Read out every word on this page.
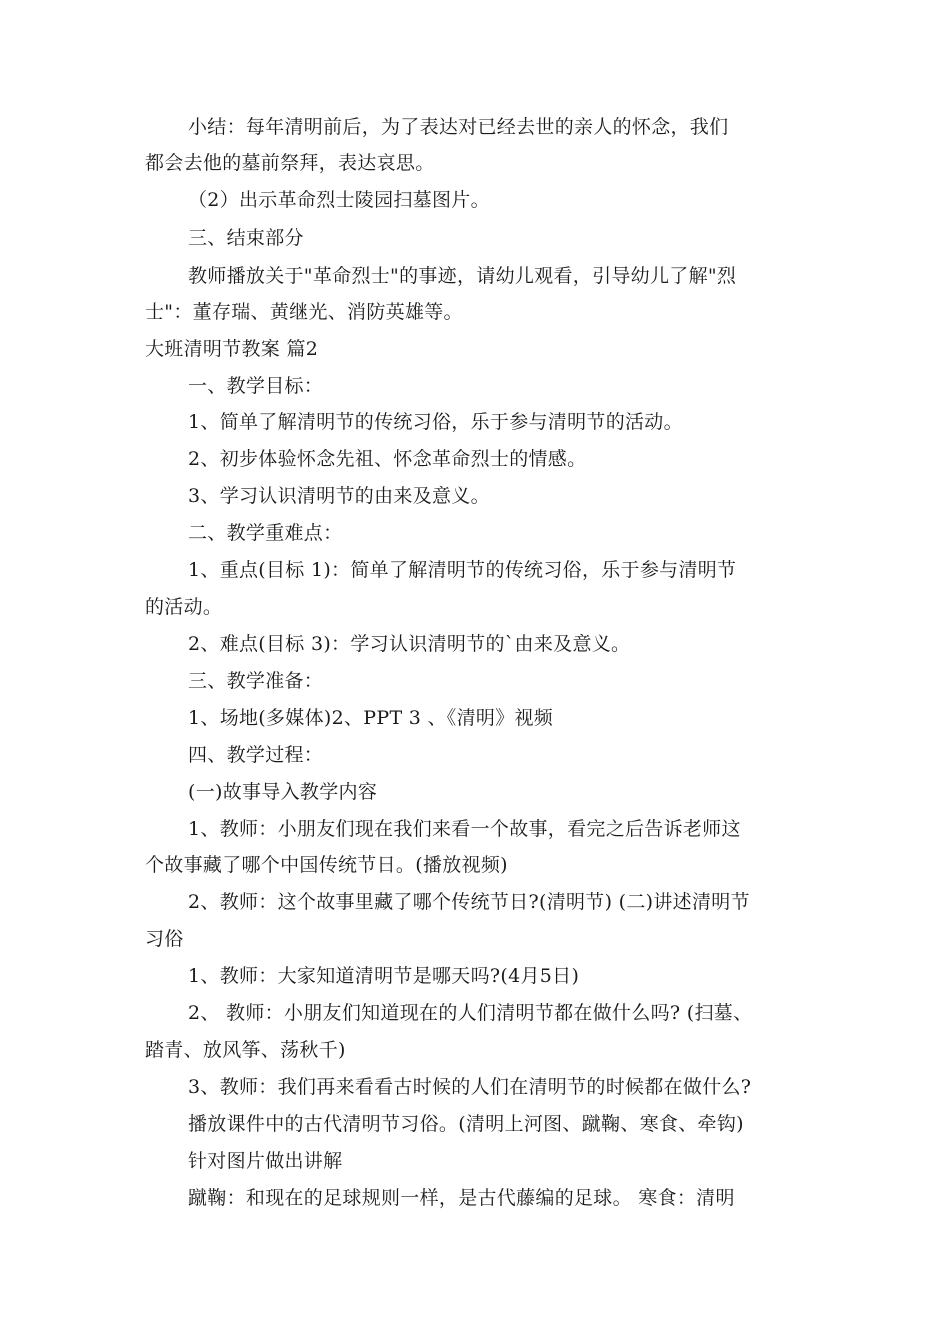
小结：每年清明前后，为了表达对已经去世的亲人的怀念，我们
都会去他的墓前祭拜，表达哀思。
（2）出示革命烈士陵园扫墓图片。
三、结束部分
教师播放关于"革命烈士"的事迹，请幼儿观看，引导幼儿了解"烈
士"：董存瑞、黄继光、消防英雄等。
大班清明节教案 篇2
一、教学目标：
1、简单了解清明节的传统习俗，乐于参与清明节的活动。
2、初步体验怀念先祖、怀念革命烈士的情感。
3、学习认识清明节的由来及意义。
二、教学重难点：
1、重点(目标 1)：简单了解清明节的传统习俗，乐于参与清明节
的活动。
2、难点(目标 3)：学习认识清明节的`由来及意义。
三、教学准备：
1、场地(多媒体)2、PPT 3 、《清明》视频
四、教学过程：
(一)故事导入教学内容
1、教师：小朋友们现在我们来看一个故事，看完之后告诉老师这
个故事藏了哪个中国传统节日。(播放视频)
2、教师：这个故事里藏了哪个传统节日?(清明节) (二)讲述清明节
习俗
1、教师：大家知道清明节是哪天吗?(4月5日)
2、 教师：小朋友们知道现在的人们清明节都在做什么吗? (扫墓、
踏青、放风筝、荡秋千)
3、教师：我们再来看看古时候的人们在清明节的时候都在做什么?
播放课件中的古代清明节习俗。(清明上河图、蹴鞠、寒食、牵钩)
针对图片做出讲解
蹴鞠：和现在的足球规则一样，是古代藤编的足球。 寒食：清明
